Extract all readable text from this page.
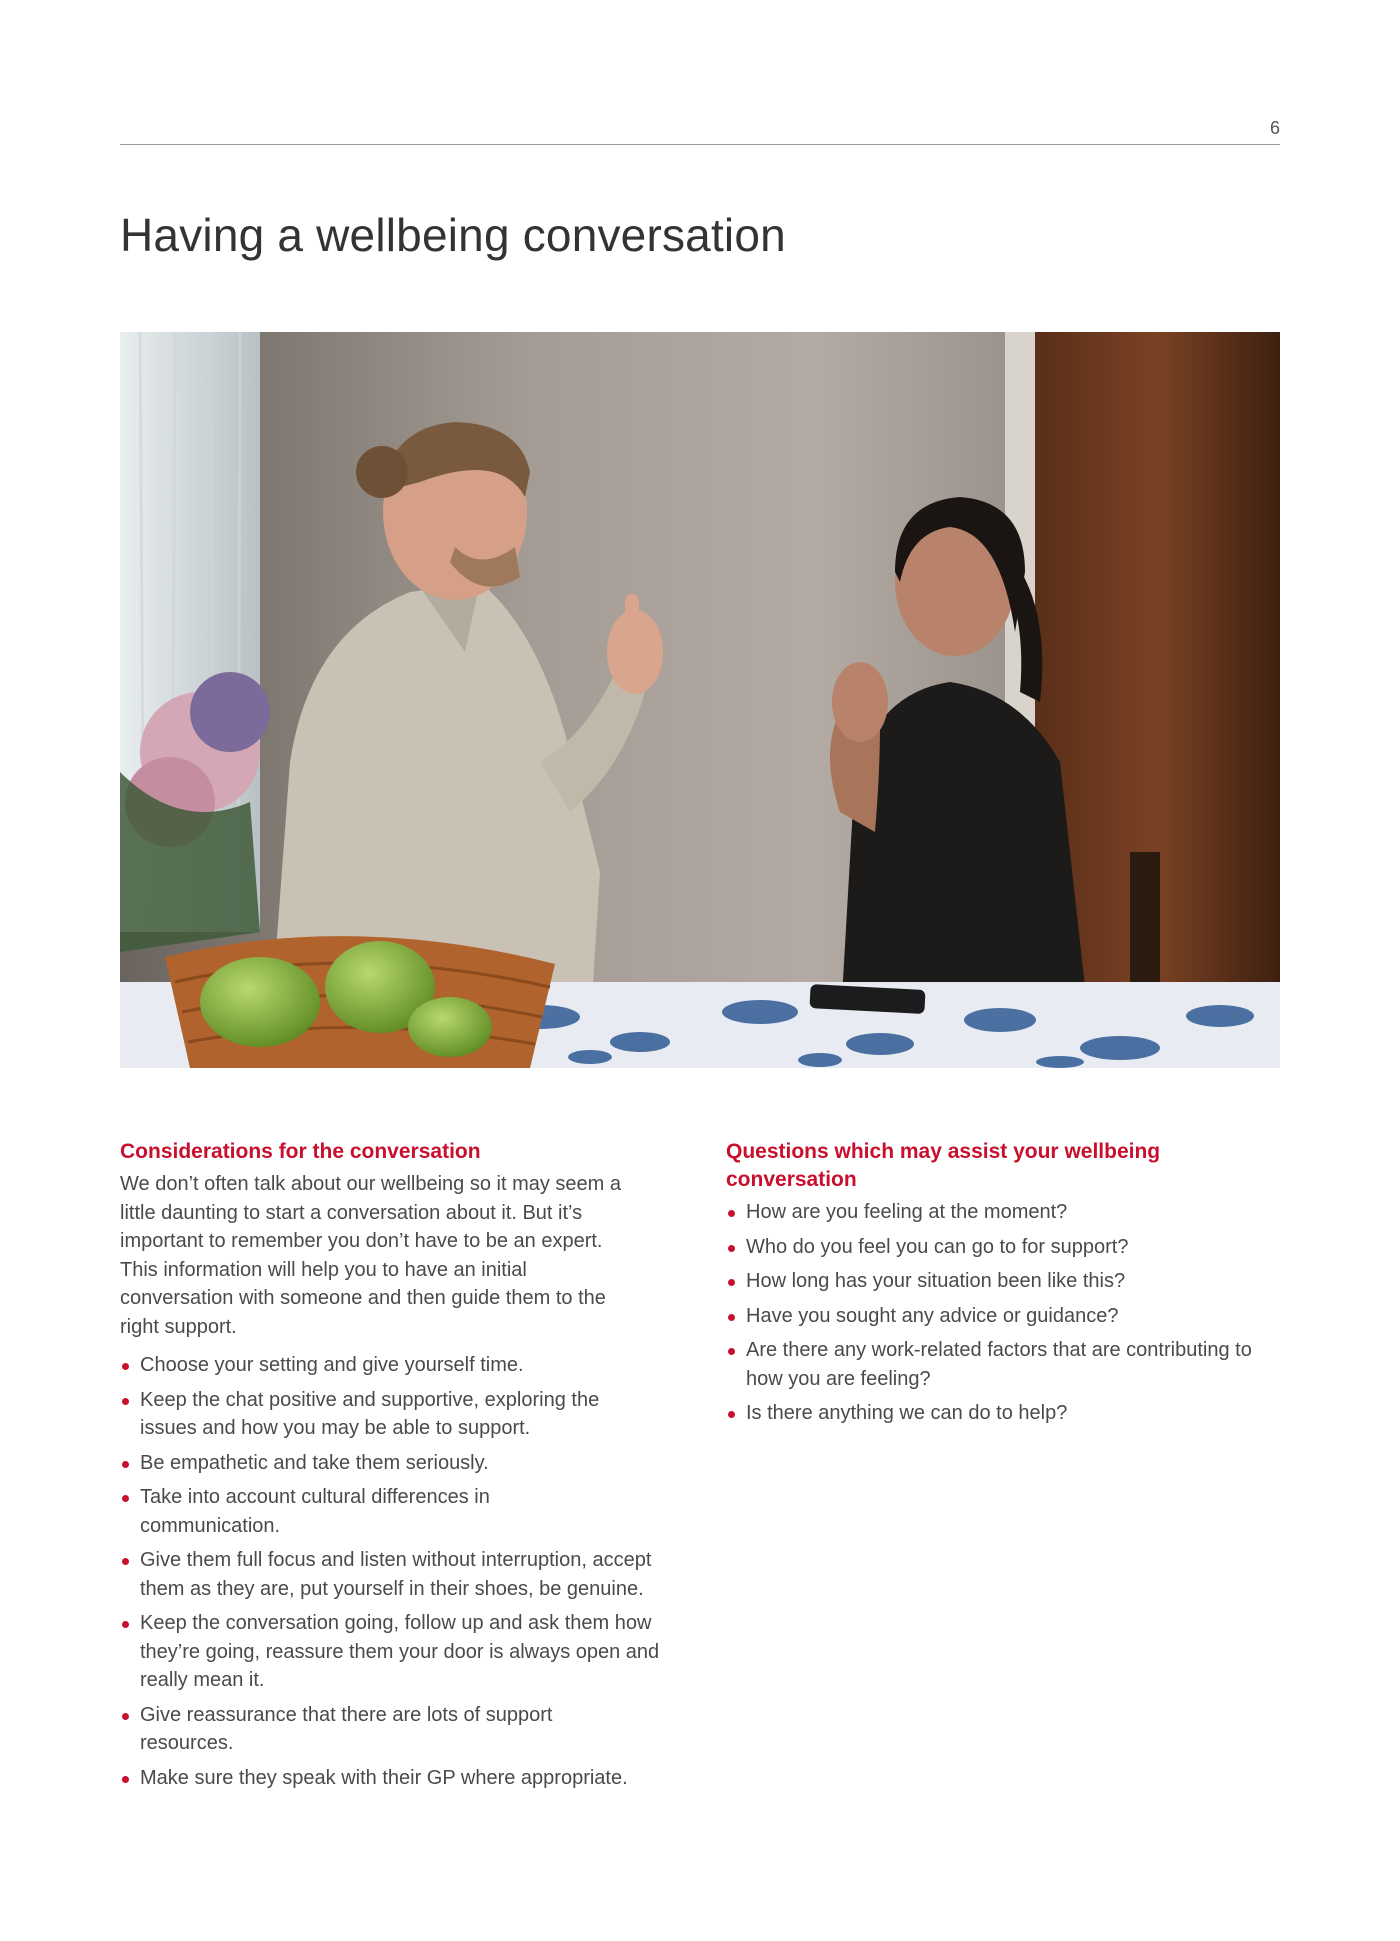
6
Having a wellbeing conversation
Considerations for the conversation

We don’t often talk about our wellbeing so it may seem a little daunting to start a conversation about it. But it’s important to remember you don’t have to be an expert. This information will help you to have an initial conversation with someone and then guide them to the right support.

Choose your setting and give yourself time.
Keep the chat positive and supportive, exploring the issues and how you may be able to support.
Be empathetic and take them seriously.
Take into account cultural differences in communication.
Give them full focus and listen without interruption, accept them as they are, put yourself in their shoes, be genuine.
Keep the conversation going, follow up and ask them how they’re going, reassure them your door is always open and really mean it.
Give reassurance that there are lots of support resources.
Make sure they speak with their GP where appropriate.
Questions which may assist your wellbeing conversation
How are you feeling at the moment?
Who do you feel you can go to for support?
How long has your situation been like this?
Have you sought any advice or guidance?
Are there any work-related factors that are contributing to how you are feeling?
Is there anything we can do to help?
